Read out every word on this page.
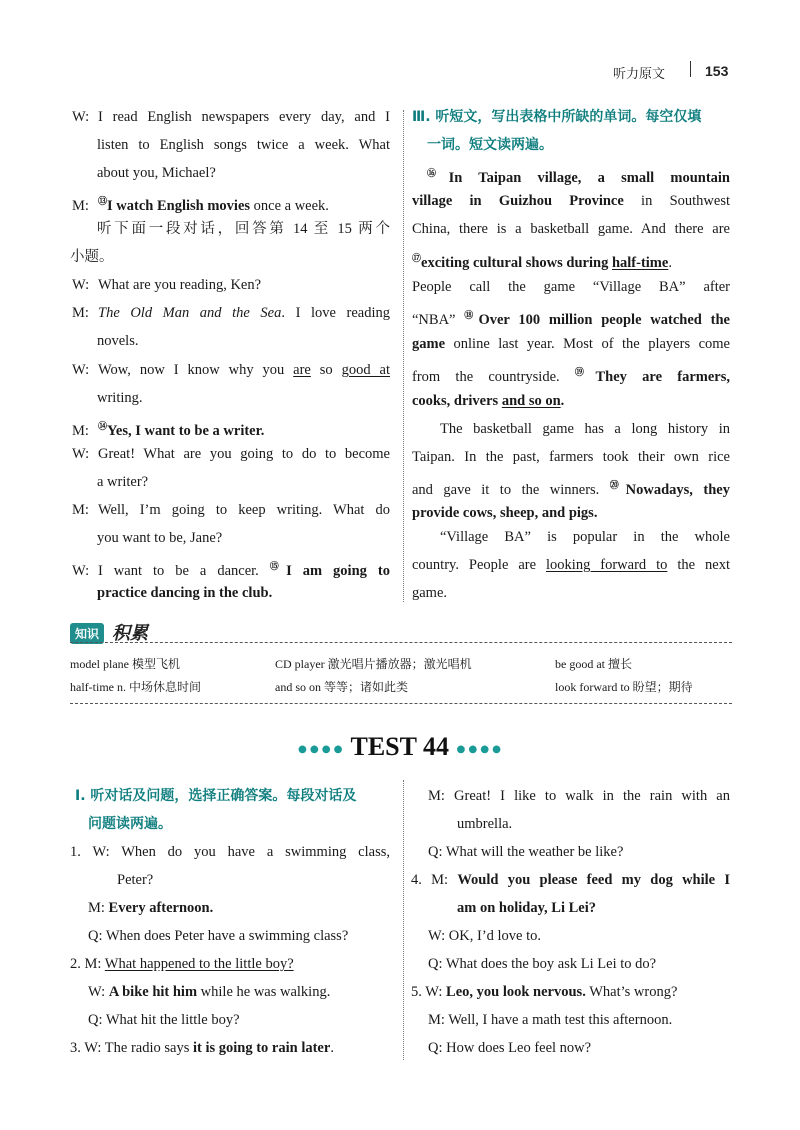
听力原文	153
W: I read English newspapers every day, and I
listen to English songs twice a week. What
about you, Michael?
M: ⑬I watch English movies once a week.
听下面一段对话，回答第 14 至 15 两个
小题。
W: What are you reading, Ken?
M: The Old Man and the Sea. I love reading
novels.
W: Wow, now I know why you are so good at
writing.
M: ⑭Yes, I want to be a writer.
W: Great! What are you going to do to become
a writer?
M: Well, I’m going to keep writing. What do
you want to be, Jane?
W: I want to be a dancer. ⑮I am going to
practice dancing in the club.
Ⅲ. 听短文，写出表格中所缺的单词。每空仅填
一词。短文读两遍。
⑯In Taipan village, a small mountain
village in Guizhou Province in Southwest
China, there is a basketball game. And there are
⑰exciting cultural shows during half-time.
People call the game “Village BA” after
“NBA” ⑱Over 100 million people watched the
game online last year. Most of the players come
from the countryside. ⑲They are farmers,
cooks, drivers and so on.
The basketball game has a long history in
Taipan. In the past, farmers took their own rice
and gave it to the winners. ⑳Nowadays, they
provide cows, sheep, and pigs.
“Village BA” is popular in the whole
country. People are looking forward to the next
game.
知识 积累
model plane 模型飞机	CD player 激光唱片播放器；激光唱机	be good at 擅长
half-time n. 中场休息时间	and so on 等等；诸如此类	look forward to 盼望；期待
●●●● TEST 44 ●●●●
Ⅰ. 听对话及问题，选择正确答案。每段对话及
问题读两遍。
1. W: When do you have a swimming class,
Peter?
M: Every afternoon.
Q: When does Peter have a swimming class?
2. M: What happened to the little boy?
W: A bike hit him while he was walking.
Q: What hit the little boy?
3. W: The radio says it is going to rain later.
M: Great! I like to walk in the rain with an
umbrella.
Q: What will the weather be like?
4. M: Would you please feed my dog while I
am on holiday, Li Lei?
W: OK, I’d love to.
Q: What does the boy ask Li Lei to do?
5. W: Leo, you look nervous. What’s wrong?
M: Well, I have a math test this afternoon.
Q: How does Leo feel now?
